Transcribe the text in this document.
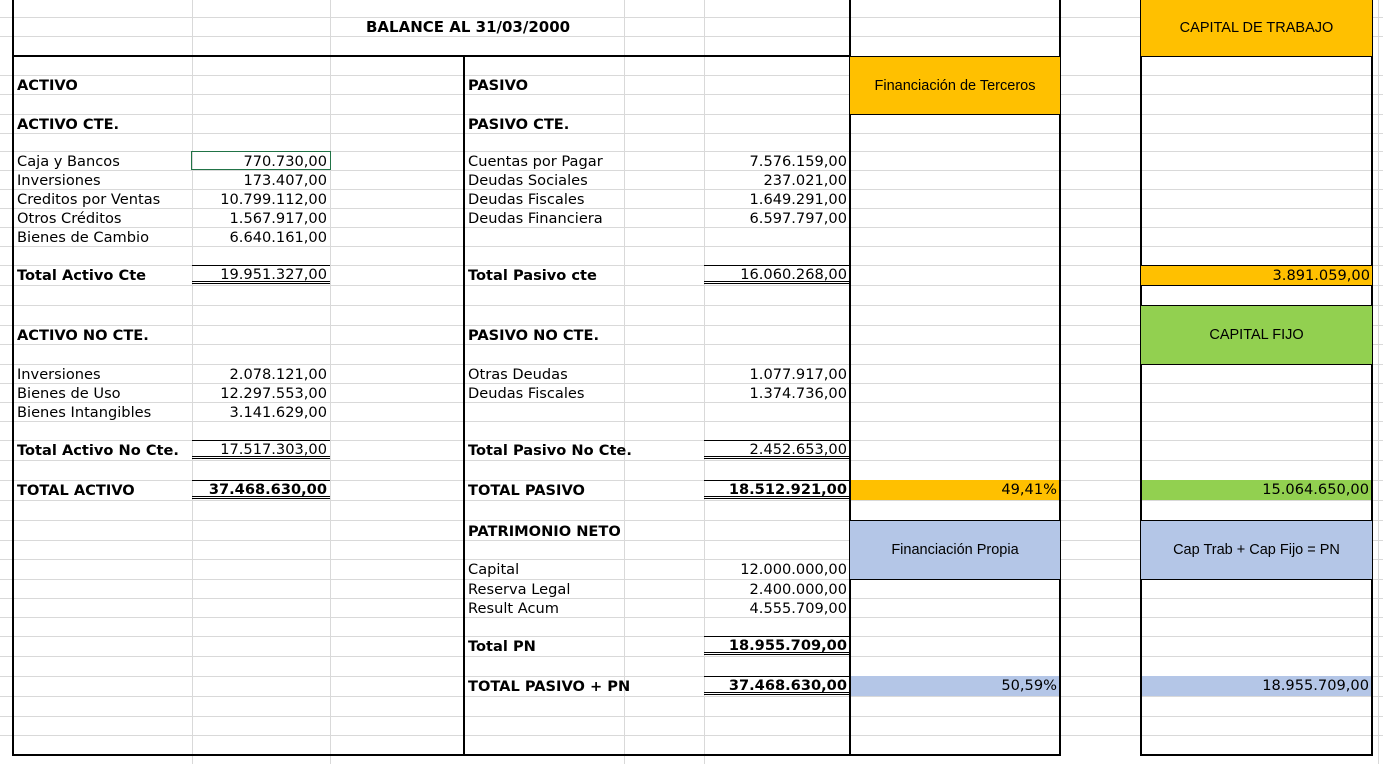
BALANCE AL 31/03/2000
ACTIVO
ACTIVO CTE.
Caja y Bancos	770.730,00
Inversiones	173.407,00
Creditos por Ventas	10.799.112,00
Otros Créditos	1.567.917,00
Bienes de Cambio	6.640.161,00
Total Activo Cte	19.951.327,00
ACTIVO NO CTE.
Inversiones	2.078.121,00
Bienes de Uso	12.297.553,00
Bienes Intangibles	3.141.629,00
Total Activo No Cte.	17.517.303,00
TOTAL ACTIVO	37.468.630,00
PASIVO
PASIVO CTE.
Cuentas por Pagar	7.576.159,00
Deudas Sociales	237.021,00
Deudas Fiscales	1.649.291,00
Deudas Financiera	6.597.797,00
Total Pasivo cte	16.060.268,00
PASIVO NO CTE.
Otras Deudas	1.077.917,00
Deudas Fiscales	1.374.736,00
Total Pasivo No Cte.	2.452.653,00
TOTAL PASIVO	18.512.921,00
PATRIMONIO NETO
Capital	12.000.000,00
Reserva Legal	2.400.000,00
Result Acum	4.555.709,00
Total PN	18.955.709,00
TOTAL PASIVO + PN	37.468.630,00
Financiación de Terceros
49,41%
Financiación Propia
50,59%
CAPITAL DE TRABAJO
3.891.059,00
CAPITAL FIJO
15.064.650,00
Cap Trab + Cap Fijo = PN
18.955.709,00
